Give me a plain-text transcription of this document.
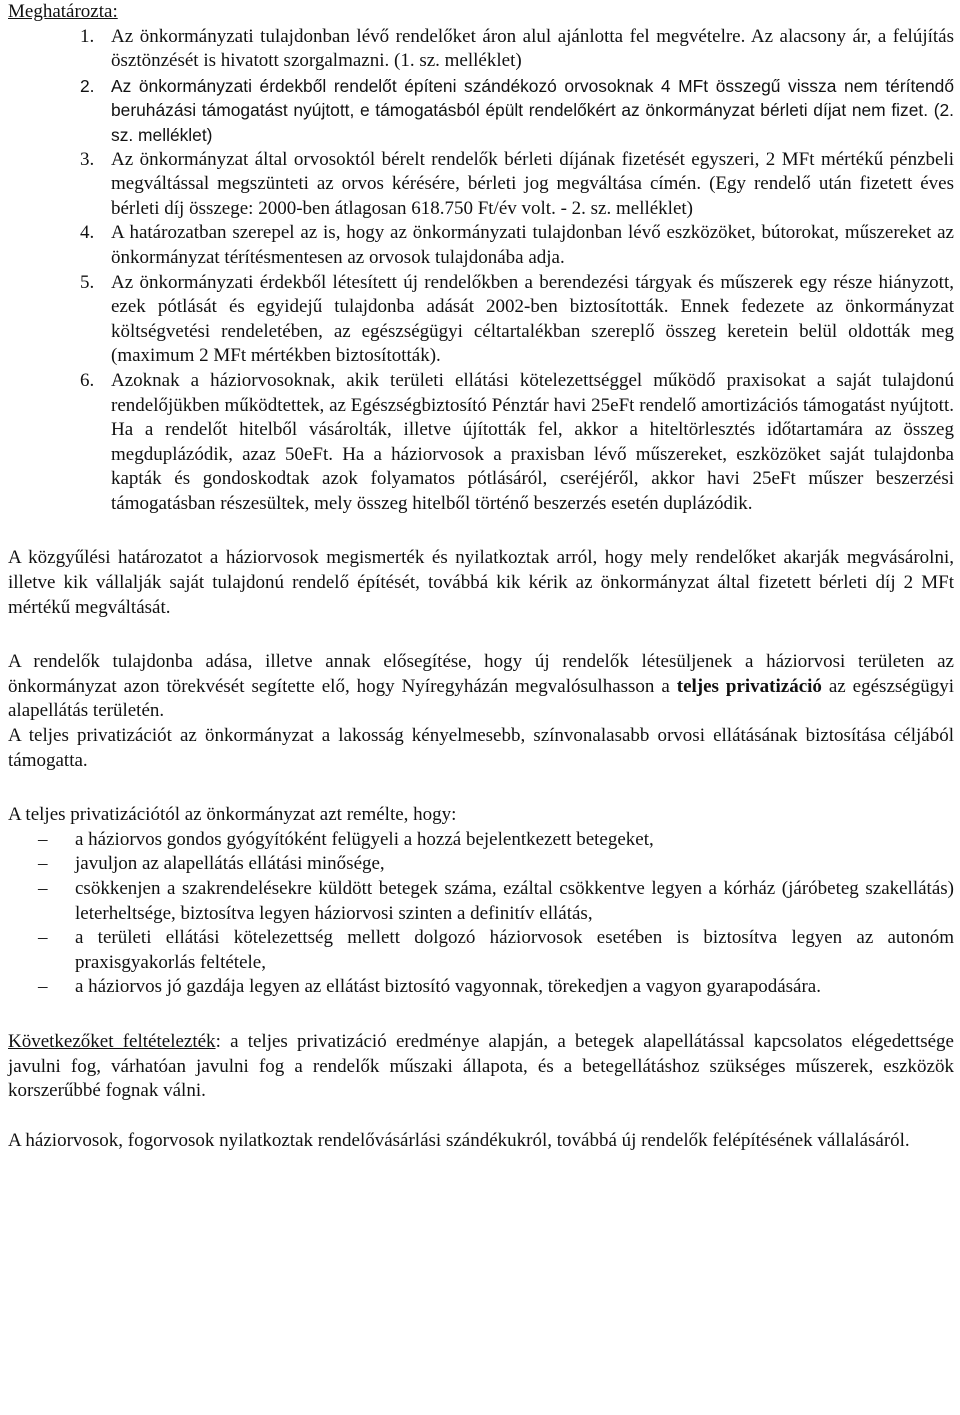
Meghatározta:

1. Az önkormányzati tulajdonban lévő rendelőket áron alul ajánlotta fel megvételre. Az alacsony ár, a felújítás ösztönzését is hivatott szorgalmazni. (1. sz. melléklet)
2. Az önkormányzati érdekből rendelőt építeni szándékozó orvosoknak 4 MFt összegű vissza nem térítendő beruházási támogatást nyújtott, e támogatásból épült rendelőkért az önkormányzat bérleti díjat nem fizet. (2. sz. melléklet)
3. Az önkormányzat által orvosoktól bérelt rendelők bérleti díjának fizetését egyszeri, 2 MFt mértékű pénzbeli megváltással megszünteti az orvos kérésére, bérleti jog megváltása címén. (Egy rendelő után fizetett éves bérleti díj összege: 2000-ben átlagosan 618.750 Ft/év volt. - 2. sz. melléklet)
4. A határozatban szerepel az is, hogy az önkormányzati tulajdonban lévő eszközöket, bútorokat, műszereket az önkormányzat térítésmentesen az orvosok tulajdonába adja.
5. Az önkormányzati érdekből létesített új rendelőkben a berendezési tárgyak és műszerek egy része hiányzott, ezek pótlását és egyidejű tulajdonba adását 2002-ben biztosították. Ennek fedezete az önkormányzat költségvetési rendeletében, az egészségügyi céltartalékban szereplő összeg keretein belül oldották meg (maximum 2 MFt mértékben biztosították).
6. Azoknak a háziorvosoknak, akik területi ellátási kötelezettséggel működő praxisokat a saját tulajdonú rendelőjükben működtettek, az Egészségbiztosító Pénztár havi 25eFt rendelő amortizációs támogatást nyújtott. Ha a rendelőt hitelből vásárolták, illetve újították fel, akkor a hiteltörlesztés időtartamára az összeg megduplázódik, azaz 50eFt. Ha a háziorvosok a praxisban lévő műszereket, eszközöket saját tulajdonba kapták és gondoskodtak azok folyamatos pótlásáról, cseréjéről, akkor havi 25eFt műszer beszerzési támogatásban részesültek, mely összeg hitelből történő beszerzés esetén duplázódik.

A közgyűlési határozatot a háziorvosok megismerték és nyilatkoztak arról, hogy mely rendelőket akarják megvásárolni, illetve kik vállalják saját tulajdonú rendelő építését, továbbá kik kérik az önkormányzat által fizetett bérleti díj 2 MFt mértékű megváltását.

A rendelők tulajdonba adása, illetve annak elősegítése, hogy új rendelők létesüljenek a háziorvosi területen az önkormányzat azon törekvését segítette elő, hogy Nyíregyházán megvalósulhasson a teljes privatizáció az egészségügyi alapellátás területén.

A teljes privatizációt az önkormányzat a lakosság kényelmesebb, színvonalasabb orvosi ellátásának biztosítása céljából támogatta.

A teljes privatizációtól az önkormányzat azt remélte, hogy:

– a háziorvos gondos gyógyítóként felügyeli a hozzá bejelentkezett betegeket,
– javuljon az alapellátás ellátási minősége,
– csökkenjen a szakrendelésekre küldött betegek száma, ezáltal csökkentve legyen a kórház (járóbeteg szakellátás) leterheltsége, biztosítva legyen háziorvosi szinten a definitív ellátás,
– a területi ellátási kötelezettség mellett dolgozó háziorvosok esetében is biztosítva legyen az autonóm praxisgyakorlás feltétele,
– a háziorvos jó gazdája legyen az ellátást biztosító vagyonnak, törekedjen a vagyon gyarapodására.

Következőket feltételezték: a teljes privatizáció eredménye alapján, a betegek alapellátással kapcsolatos elégedettsége javulni fog, várhatóan javulni fog a rendelők műszaki állapota, és a betegellátáshoz szükséges műszerek, eszközök korszerűbbé fognak válni.

A háziorvosok, fogorvosok nyilatkoztak rendelővásárlási szándékukról, továbbá új rendelők felépítésének vállalásáról.
